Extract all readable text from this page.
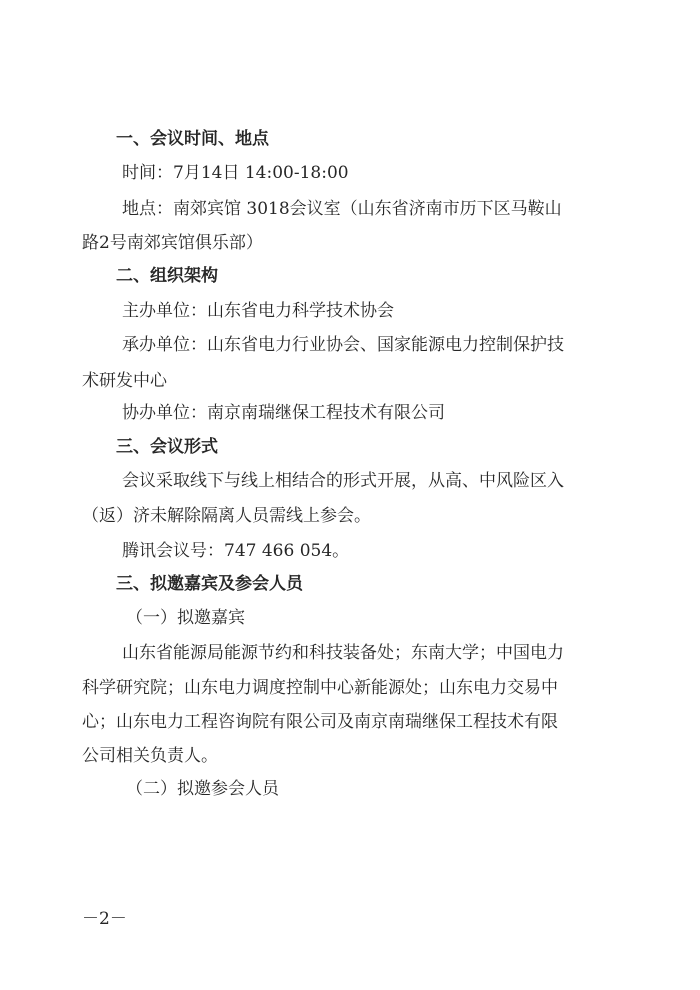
一、会议时间、地点
时间：7月14日 14:00-18:00
地点：南郊宾馆 3018会议室（山东省济南市历下区马鞍山
路2号南郊宾馆俱乐部）
二、组织架构
主办单位：山东省电力科学技术协会
承办单位：山东省电力行业协会、国家能源电力控制保护技
术研发中心
协办单位：南京南瑞继保工程技术有限公司
三、会议形式
会议采取线下与线上相结合的形式开展，从高、中风险区入
（返）济未解除隔离人员需线上参会。
腾讯会议号：747 466 054。
三、拟邀嘉宾及参会人员
（一）拟邀嘉宾
山东省能源局能源节约和科技装备处；东南大学；中国电力
科学研究院；山东电力调度控制中心新能源处；山东电力交易中
心；山东电力工程咨询院有限公司及南京南瑞继保工程技术有限
公司相关负责人。
（二）拟邀参会人员
－2－
